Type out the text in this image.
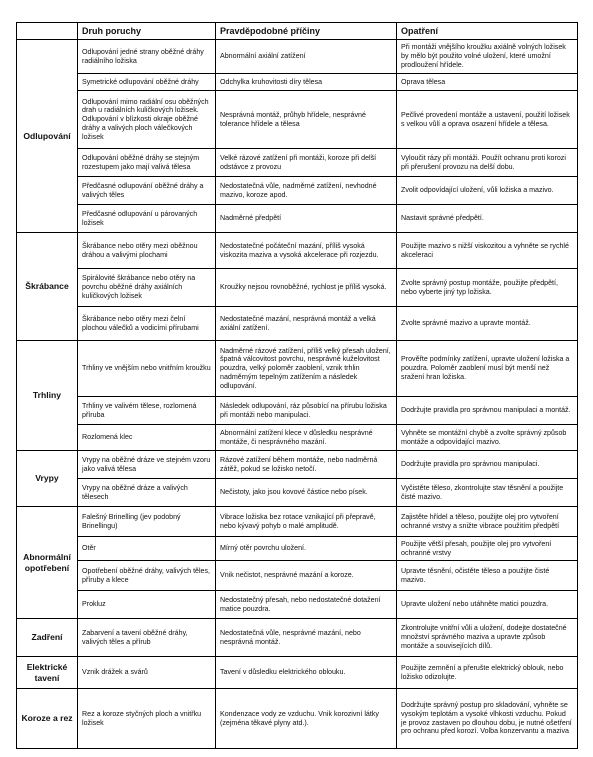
	Druh poruchy	Pravděpodobné příčiny	Opatření
Odlupování	Odlupování jedné strany oběžné dráhy radiálního ložiska	Abnormální axiální zatížení	Při montáži vnějšího kroužku axiálně volných ložisek by mělo být použito volné uložení, které umožní prodloužení hřídele.
	Symetrické odlupování oběžné dráhy	Odchylka kruhovitosti díry tělesa	Oprava tělesa
	Odlupování mimo radiální osu oběžných drah u radiálních kuličkových ložisek. Odlupování v blízkosti okraje oběžné dráhy a valivých ploch válečkových ložisek	Nesprávná montáž, průhyb hřídele, nesprávné tolerance hřídele a tělesa	Pečlivé provedení montáže a ustavení, použití ložisek s velkou vůlí a oprava osazení hřídele a tělesa.
	Odlupování oběžné dráhy se stejným rozestupem jako mají valivá tělesa	Velké rázové zatížení při montáži, koroze při delší odstávce z provozu	Vyloučit rázy při montáži. Použít ochranu proti korozi při přerušení provozu na delší dobu.
	Předčasné odlupování oběžné dráhy a valivých těles	Nedostatečná vůle, nadměrné zatížení, nevhodné mazivo, koroze apod.	Zvolit odpovídající uložení, vůli ložiska a mazivo.
	Předčasné odlupování u párovaných ložisek	Nadměrné předpětí	Nastavit správné předpětí.
Škrábance	Škrábance nebo otěry mezi oběžnou dráhou a valivými plochami	Nedostatečné počáteční mazání, příliš vysoká viskozita maziva a vysoká akcelerace při rozjezdu.	Použijte mazivo s nižší viskozitou a vyhněte se rychlé akceleraci
	Spirálovité škrábance nebo otěry na povrchu oběžné dráhy axiálních kuličkových ložisek	Kroužky nejsou rovnoběžné, rychlost je příliš vysoká.	Zvolte správný postup montáže, použijte předpětí, nebo vyberte jiný typ ložiska.
	Škrábance nebo otěry mezi čelní plochou válečků a vodicími přírubami	Nedostatečné mazání, nesprávná montáž a velká axiální zatížení.	Zvolte správné mazivo a upravte montáž.
Trhliny	Trhliny ve vnějším nebo vnitřním kroužku	Nadměrné rázové zatížení, příliš velký přesah uložení, špatná válcovitost povrchu, nesprávné kuželovitost pouzdra, velký poloměr zaoblení, vznik trhlin nadměrným tepelným zatížením a následek odlupování.	Prověřte podmínky zatížení, upravte uložení ložiska a pouzdra. Poloměr zaoblení musí být menší než sražení hran ložiska.
	Trhliny ve valivém tělese, rozlomená příruba	Následek odlupování, ráz působící na přírubu ložiska při montáži nebo manipulaci.	Dodržujte pravidla pro správnou manipulaci a montáž.
	Rozlomená klec	Abnormální zatížení klece v důsledku nesprávné montáže, či nesprávného mazání.	Vyhněte se montážní chybě a zvolte správný způsob montáže a odpovídající mazivo.
Vrypy	Vrypy na oběžné dráze ve stejném vzoru jako valivá tělesa	Rázové zatížení během montáže, nebo nadměrná zátěž, pokud se ložisko netočí.	Dodržujte pravidla pro správnou manipulaci.
	Vrypy na oběžné dráze a valivých tělesech	Nečistoty, jako jsou kovové částice nebo písek.	Vyčistěte těleso, zkontrolujte stav těsnění a použijte čisté mazivo.
Abnormální opotřebení	Falešný Brinelling (jev podobný Brinellingu)	Vibrace ložiska bez rotace vznikající při přepravě, nebo kývavý pohyb o malé amplitudě.	Zajistěte hřídel a těleso, použijte olej pro vytvoření ochranné vrstvy a snižte vibrace použitím předpětí
	Otěr	Mírný otěr povrchu uložení.	Použijte větší přesah, použijte olej pro vytvoření ochranné vrstvy
	Opotřebení oběžné dráhy, valivých těles, příruby a klece	Vnik nečistot, nesprávné mazání a koroze.	Upravte těsnění, očistěte těleso a použijte čisté mazivo.
	Prokluz	Nedostatečný přesah, nebo nedostatečné dotažení matice pouzdra.	Upravte uložení nebo utáhněte matici pouzdra.
Zadření	Zabarvení a tavení oběžné dráhy, valivých těles a přírub	Nedostatečná vůle, nesprávné mazání, nebo nesprávná montáž.	Zkontrolujte vnitřní vůli a uložení, dodejte dostatečné množství správného maziva a upravte způsob montáže a souvisejících dílů.
Elektrické tavení	Vznik drážek a svárů	Tavení v důsledku elektrického oblouku.	Použijte zemnění a přerušte elektrický oblouk, nebo ložisko odizolujte.
Koroze a rez	Rez a koroze styčných ploch a vnitřku ložisek	Kondenzace vody ze vzduchu. Vnik korozivní látky (zejména těkavé plyny atd.).	Dodržujte správný postup pro skladování, vyhněte se vysokým teplotám a vysoké vlhkosti vzduchu. Pokud je provoz zastaven po dlouhou dobu, je nutné ošetření pro ochranu před korozí. Volba konzervantu a maziva
